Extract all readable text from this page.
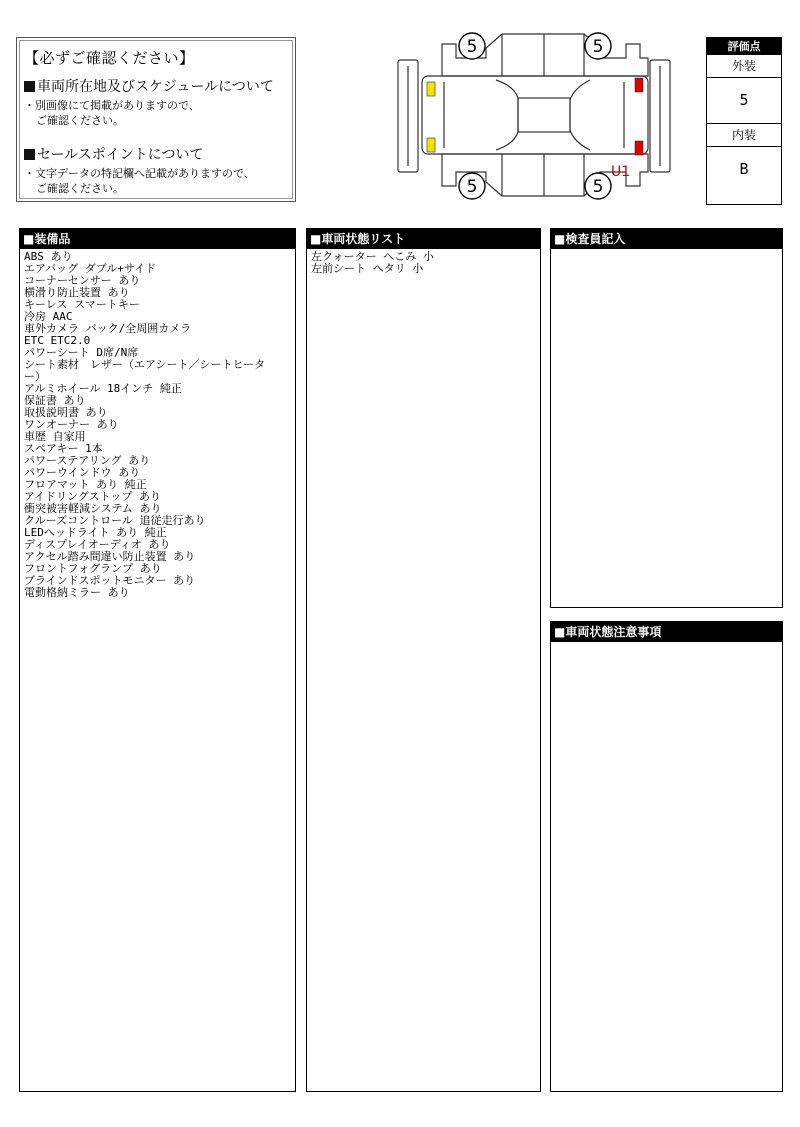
【必ずご確認ください】
車両所在地及びスケジュールについて
・別画像にて掲載がありますので、
ご確認ください。
セールスポイントについて
・文字データの特記欄へ記載がありますので、
ご確認ください。
5	5
5	5
U1
評価点
外装
5
内装
B
■装備品
ABS あり
エアバッグ ダブル+サイド
コーナーセンサー あり
横滑り防止装置 あり
キーレス スマートキー
冷房 AAC
車外カメラ バック/全周囲カメラ
ETC ETC2.0
パワーシート D席/N席
シート素材　レザー（エアシート／シートヒータ
ー）
アルミホイール 18インチ 純正
保証書 あり
取扱説明書 あり
ワンオーナー あり
車歴 自家用
スペアキー 1本
パワーステアリング あり
パワーウインドウ あり
フロアマット あり 純正
アイドリングストップ あり
衝突被害軽減システム あり
クルーズコントロール 追従走行あり
LEDヘッドライト あり 純正
ディスプレイオーディオ あり
アクセル踏み間違い防止装置 あり
フロントフォグランプ あり
ブラインドスポットモニター あり
電動格納ミラー あり
■車両状態リスト
左クォーター へこみ 小
左前シート ヘタリ 小
■検査員記入
■車両状態注意事項
